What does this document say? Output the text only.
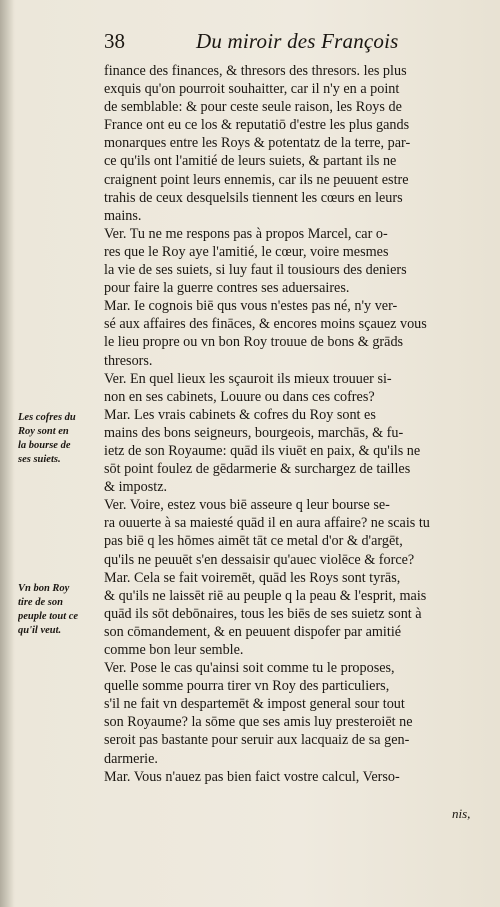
38	Du miroir des François
finance des finances, & thresors des thresors. les plus
exquis qu'on pourroit souhaitter, car il n'y en a point
de semblable: & pour ceste seule raison, les Roys de
France ont eu ce los & reputatiō d'estre les plus gands
monarques entre les Roys & potentatz de la terre, par-
ce qu'ils ont l'amitié de leurs suiets, & partant ils ne
craignent point leurs ennemis, car ils ne peuuent estre
trahis de ceux desquelsils tiennent les cœurs en leurs
mains.
Ver. Tu ne me respons pas à propos Marcel, car o-
res que le Roy aye l'amitié, le cœur, voire mesmes
la vie de ses suiets, si luy faut il tousiours des deniers
pour faire la guerre contres ses aduersaires.
Mar. Ie cognois biē qus vous n'estes pas né, n'y ver-
sé aux affaires des fināces, & encores moins sçauez vous
le lieu propre ou vn bon Roy trouue de bons & grāds
thresors.
Ver. En quel lieux les sçauroit ils mieux trouuer si-
non en ses cabinets, Louure ou dans ces cofres?
Mar. Les vrais cabinets & cofres du Roy sont es
mains des bons seigneurs, bourgeois, marchās, & fu-
ietz de son Royaume: quād ils viuēt en paix, & qu'ils ne
sōt point foulez de gēdarmerie & surchargez de tailles
& impostz.
Ver. Voire, estez vous biē asseure q leur bourse se-
ra ouuerte à sa maiesté quād il en aura affaire? ne scais tu
pas biē q les hōmes aimēt tāt ce metal d'or & d'argēt,
qu'ils ne peuuēt s'en dessaisir qu'auec violēce & force?
Mar. Cela se fait voiremēt, quād les Roys sont tyrās,
& qu'ils ne laissēt riē au peuple q la peau & l'esprit, mais
quād ils sōt debōnaires, tous les biēs de ses suietz sont à
son cōmandement, & en peuuent dispofer par amitié
comme bon leur semble.
Ver. Pose le cas qu'ainsi soit comme tu le proposes,
quelle somme pourra tirer vn Roy des particuliers,
s'il ne fait vn despartemēt & impost general sour tout
son Royaume? la sōme que ses amis luy presteroiēt ne
seroit pas bastante pour seruir aux lacquaiz de sa gen-
darmerie.
Mar. Vous n'auez pas bien faict vostre calcul, Verso-
Les cofres du
Roy sont en
la bourse de
ses suiets.
Vn bon Roy
tire de son
peuple tout ce
qu'il veut.
nis,
